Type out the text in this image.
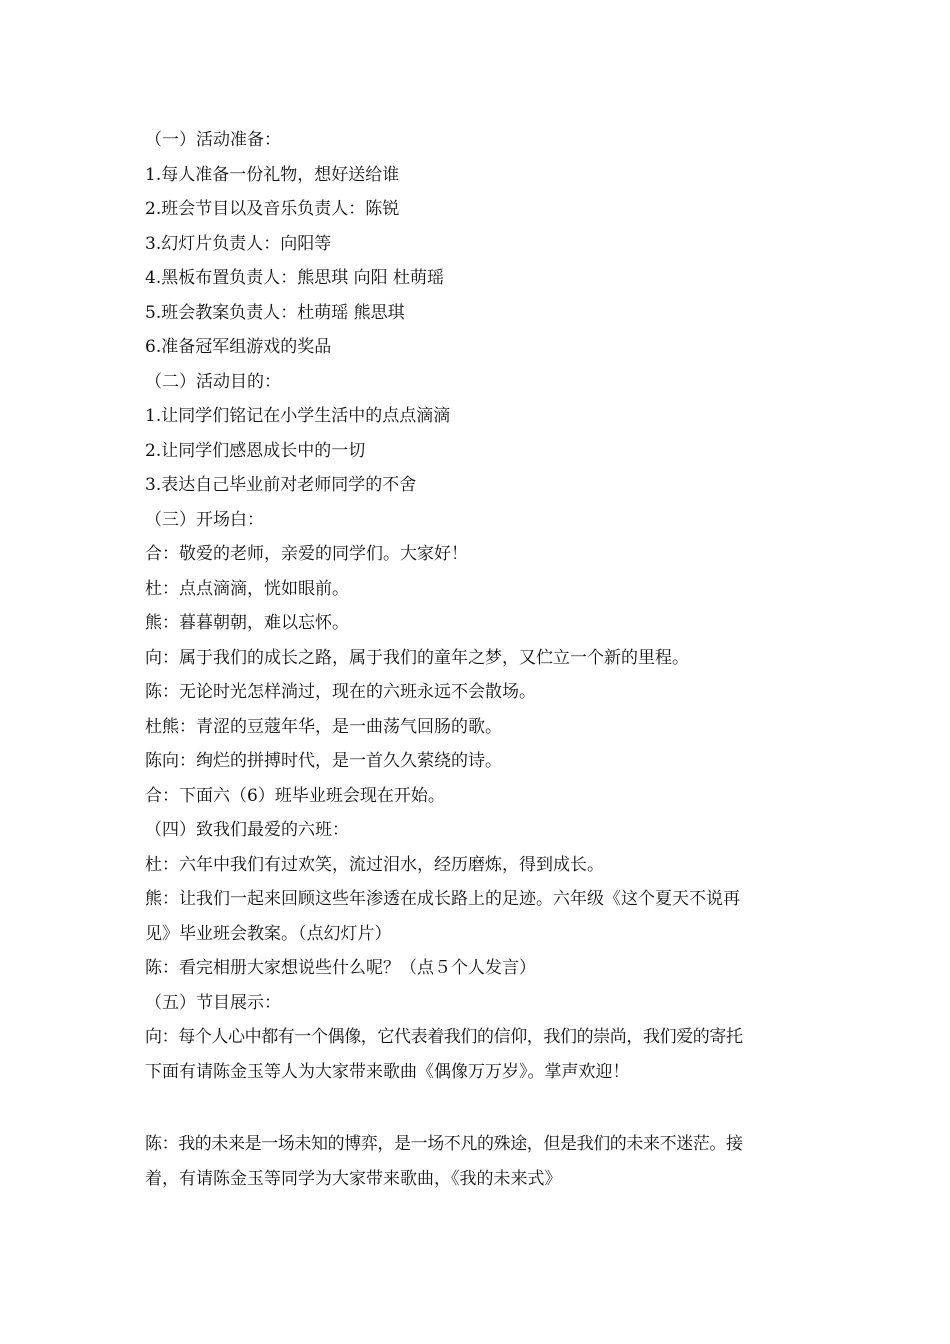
（一）活动准备：

1.每人准备一份礼物，想好送给谁

2.班会节目以及音乐负责人：陈锐

3.幻灯片负责人：向阳等

4.黑板布置负责人：熊思琪 向阳 杜萌瑶

5.班会教案负责人：杜萌瑶 熊思琪

6.准备冠军组游戏的奖品

（二）活动目的：

1.让同学们铭记在小学生活中的点点滴滴

2.让同学们感恩成长中的一切

3.表达自己毕业前对老师同学的不舍

（三）开场白：

合：敬爱的老师，亲爱的同学们。大家好！

杜：点点滴滴，恍如眼前。

熊：暮暮朝朝，难以忘怀。

向：属于我们的成长之路，属于我们的童年之梦，又伫立一个新的里程。

陈：无论时光怎样淌过，现在的六班永远不会散场。

杜熊：青涩的豆蔻年华，是一曲荡气回肠的歌。

陈向：绚烂的拼搏时代，是一首久久萦绕的诗。

合：下面六（6）班毕业班会现在开始。

（四）致我们最爱的六班：

杜：六年中我们有过欢笑，流过泪水，经历磨炼，得到成长。

熊：让我们一起来回顾这些年渗透在成长路上的足迹。六年级《这个夏天不说再

见》毕业班会教案。（点幻灯片）

陈：看完相册大家想说些什么呢？（点５个人发言）

（五）节目展示：

向：每个人心中都有一个偶像，它代表着我们的信仰，我们的崇尚，我们爱的寄托

下面有请陈金玉等人为大家带来歌曲《偶像万万岁》。掌声欢迎！

陈：我的未来是一场未知的博弈，是一场不凡的殊途，但是我们的未来不迷茫。接

着，有请陈金玉等同学为大家带来歌曲，《我的未来式》
